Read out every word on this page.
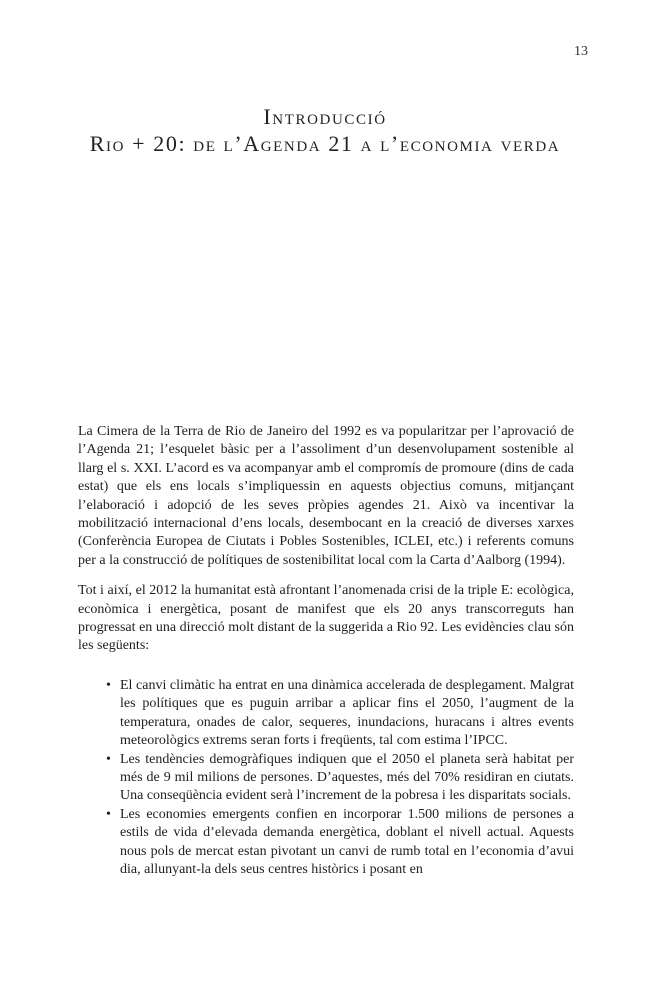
13
Introducció
Rio + 20: de l’Agenda 21 a l’economia verda

La Cimera de la Terra de Rio de Janeiro del 1992 es va popularitzar per l’aprovació de l’Agenda 21; l’esquelet bàsic per a l’assoliment d’un desenvolupament sostenible al llarg el s. XXI. L’acord es va acompanyar amb el compromís de promoure (dins de cada estat) que els ens locals s’impliquessin en aquests objectius comuns, mitjançant l’elaboració i adopció de les seves pròpies agendes 21. Això va incentivar la mobilització internacional d’ens locals, desembocant en la creació de diverses xarxes (Conferència Europea de Ciutats i Pobles Sostenibles, ICLEI, etc.) i referents comuns per a la construcció de polítiques de sostenibilitat local com la Carta d’Aalborg (1994).

Tot i així, el 2012 la humanitat està afrontant l’anomenada crisi de la triple E: ecològica, econòmica i energètica, posant de manifest que els 20 anys transcorreguts han progressat en una direcció molt distant de la suggerida a Rio 92. Les evidències clau són les següents:

• El canvi climàtic ha entrat en una dinàmica accelerada de desplegament. Malgrat les polítiques que es puguin arribar a aplicar fins el 2050, l’augment de la temperatura, onades de calor, sequeres, inundacions, huracans i altres events meteorològics extrems seran forts i freqüents, tal com estima l’IPCC.
• Les tendències demogràfiques indiquen que el 2050 el planeta serà habitat per més de 9 mil milions de persones. D’aquestes, més del 70% residiran en ciutats. Una conseqüència evident serà l’increment de la pobresa i les disparitats socials.
• Les economies emergents confien en incorporar 1.500 milions de persones a estils de vida d’elevada demanda energètica, doblant el nivell actual. Aquests nous pols de mercat estan pivotant un canvi de rumb total en l’economia d’avui dia, allunyant-la dels seus centres històrics i posant en
